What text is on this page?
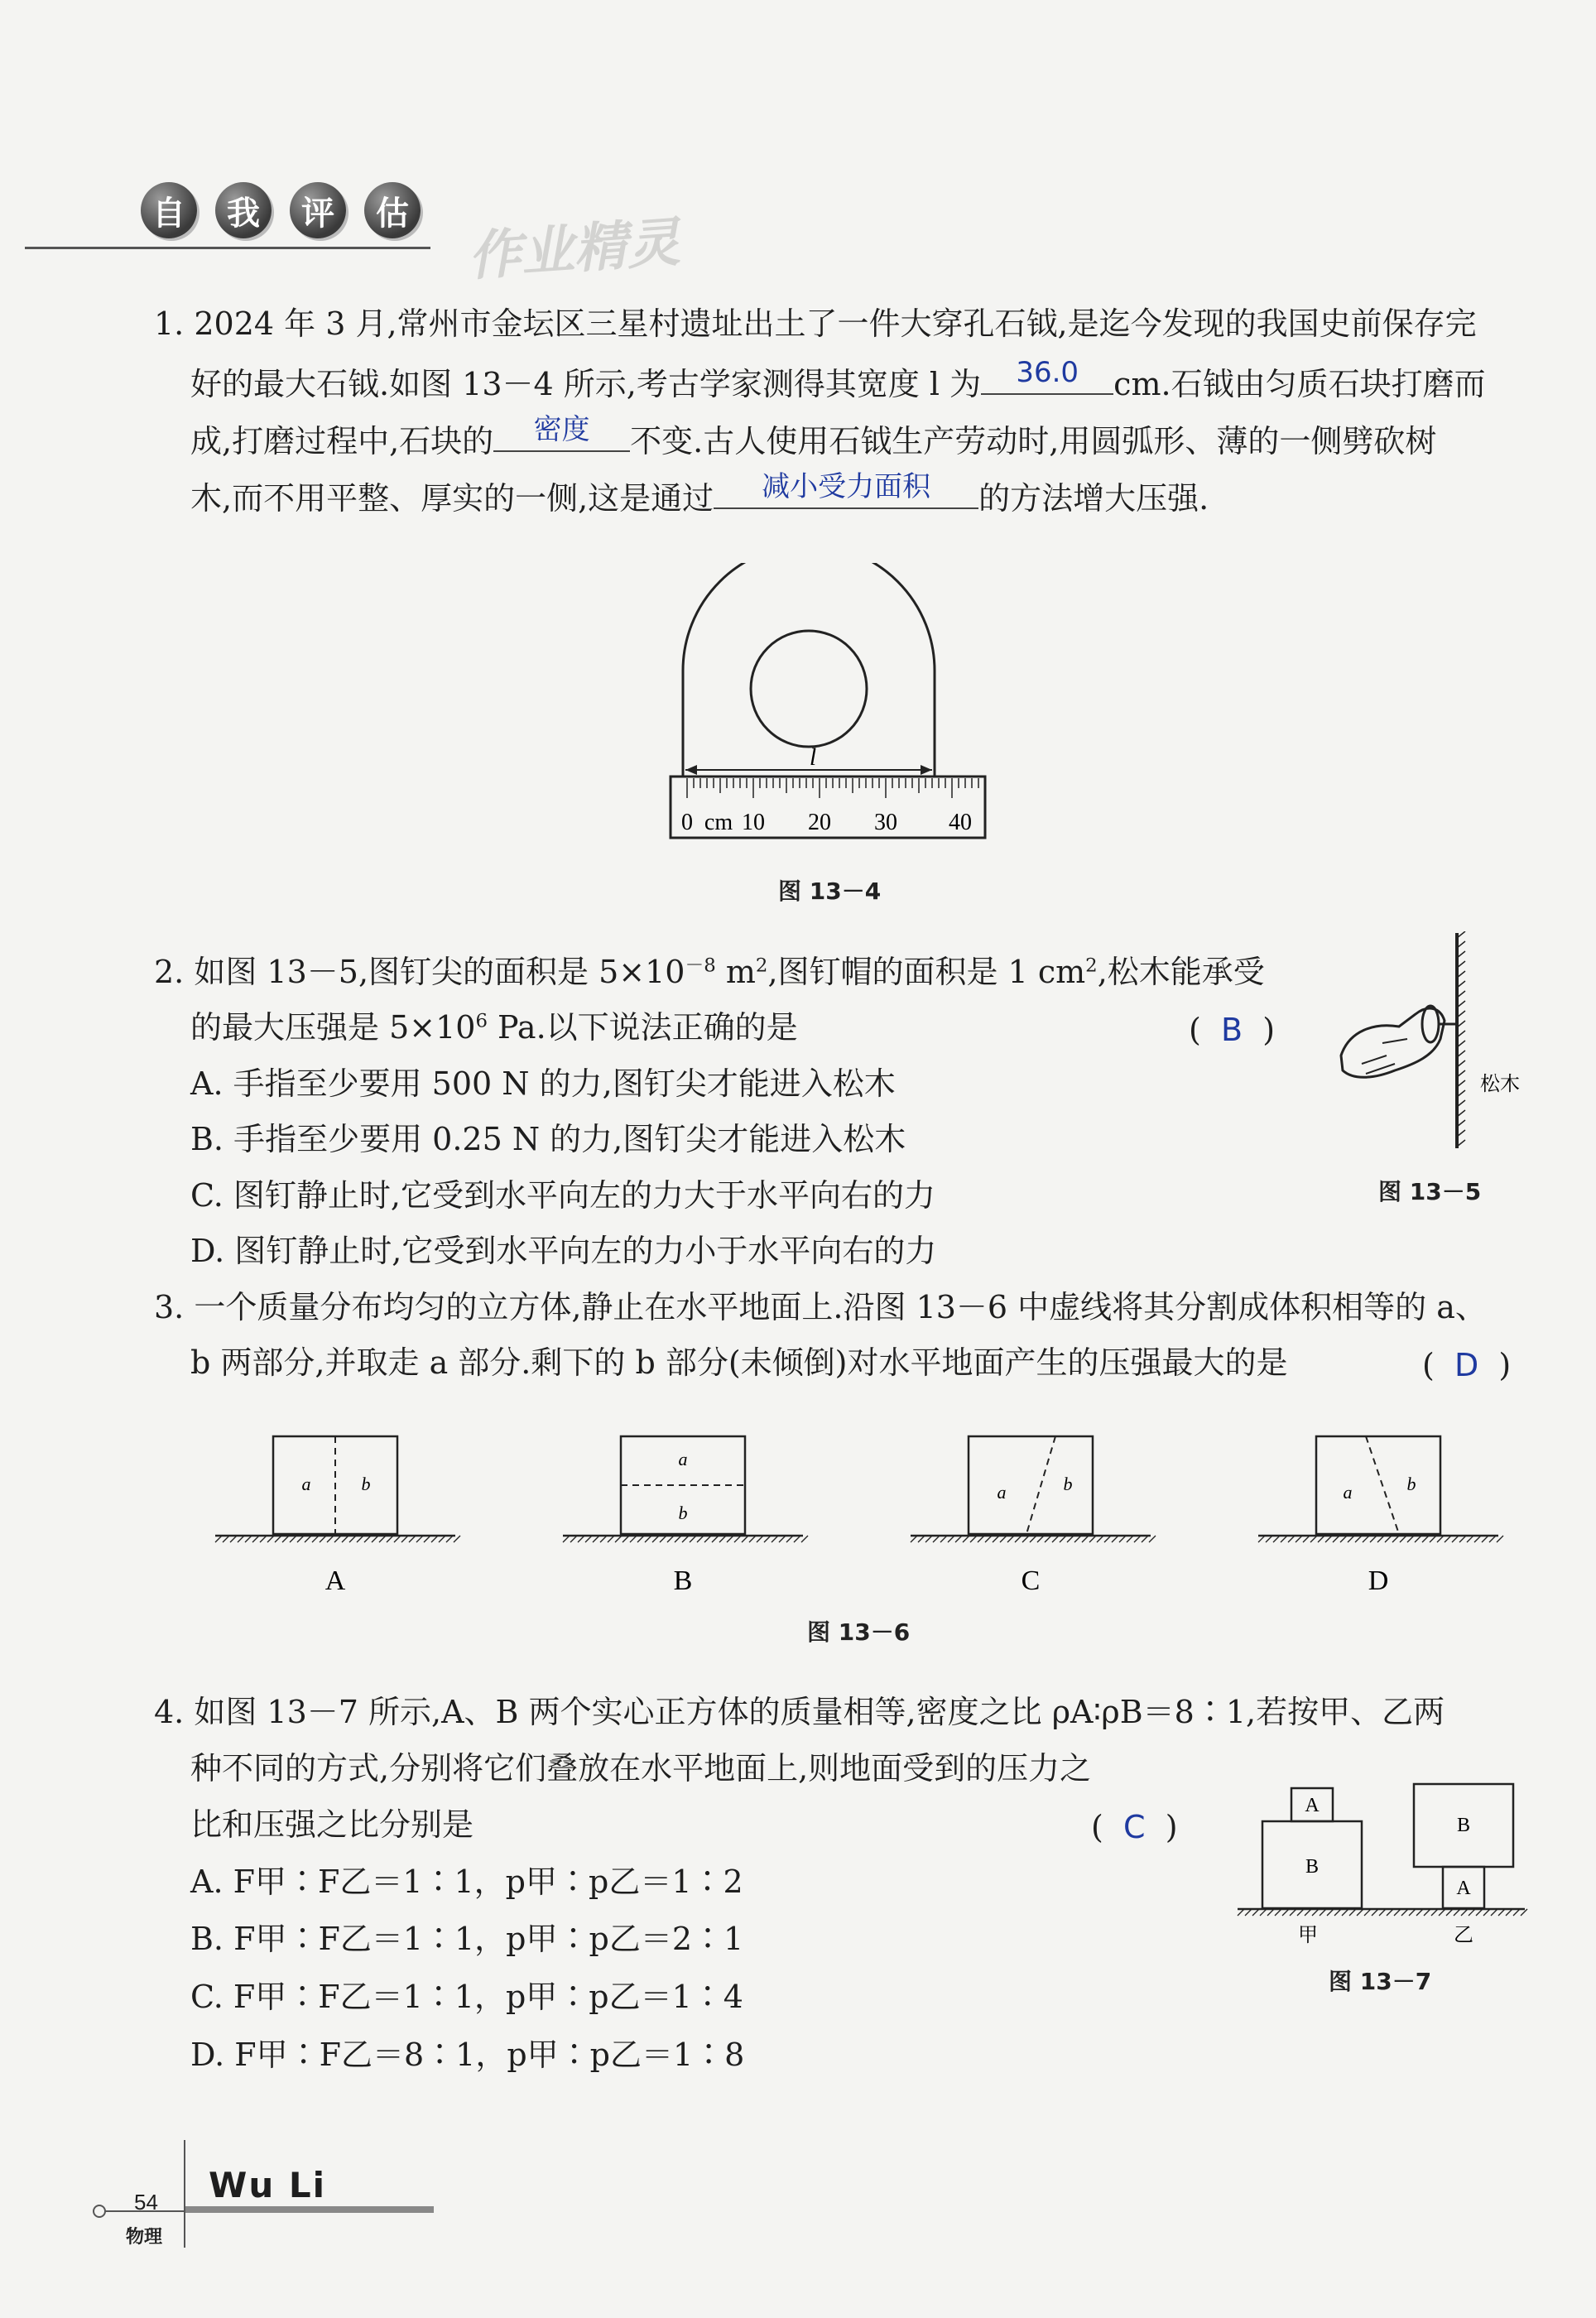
自	我	评	估 作业精灵
1. 2024 年 3 月,常州市金坛区三星村遗址出土了一件大穿孔石钺,是迄今发现的我国史前保存完
好的最大石钺.如图 13－4 所示,考古学家测得其宽度 l 为	36.0	cm.石钺由匀质石块打磨而
成,打磨过程中,石块的	密度	不变.古人使用石钺生产劳动时,用圆弧形、薄的一侧劈砍树
木,而不用平整、厚实的一侧,这是通过	减小受力面积	的方法增大压强.
l
0 cm 10 20 30 40
图 13－4
2. 如图 13－5,图钉尖的面积是 $5\times 10^{-8}$ $m^2$,图钉帽的面积是 1 $cm^2$,松木能承受
的最大压强是 $5\times 10^6$ Pa.以下说法正确的是	(  B  )
A. 手指至少要用 500 N 的力,图钉尖才能进入松木
B. 手指至少要用 0.25 N 的力,图钉尖才能进入松木
C. 图钉静止时,它受到水平向左的力大于水平向右的力
D. 图钉静止时,它受到水平向左的力小于水平向右的力
松木
图 13－5
3. 一个质量分布均匀的立方体,静止在水平地面上.沿图 13－6 中虚线将其分割成体积相等的 a、
b 两部分,并取走 a 部分.剩下的 b 部分(未倾倒)对水平地面产生的压强最大的是	(  D  )
a	b
A
a
b
B
a	b
C
a	b
D
图 13－6
4. 如图 13－7 所示,A、B 两个实心正方体的质量相等,密度之比 ρA∶ρB＝8∶1,若按甲、乙两
种不同的方式,分别将它们叠放在水平地面上,则地面受到的压力之
比和压强之比分别是	(  C  )
A. F甲∶F乙＝1∶1，p甲∶p乙＝1∶2
B. F甲∶F乙＝1∶1，p甲∶p乙＝2∶1
C. F甲∶F乙＝1∶1，p甲∶p乙＝1∶4
D. F甲∶F乙＝8∶1，p甲∶p乙＝1∶8
A
B
B
A
甲	乙
图 13－7
54
物理
Wu Li
